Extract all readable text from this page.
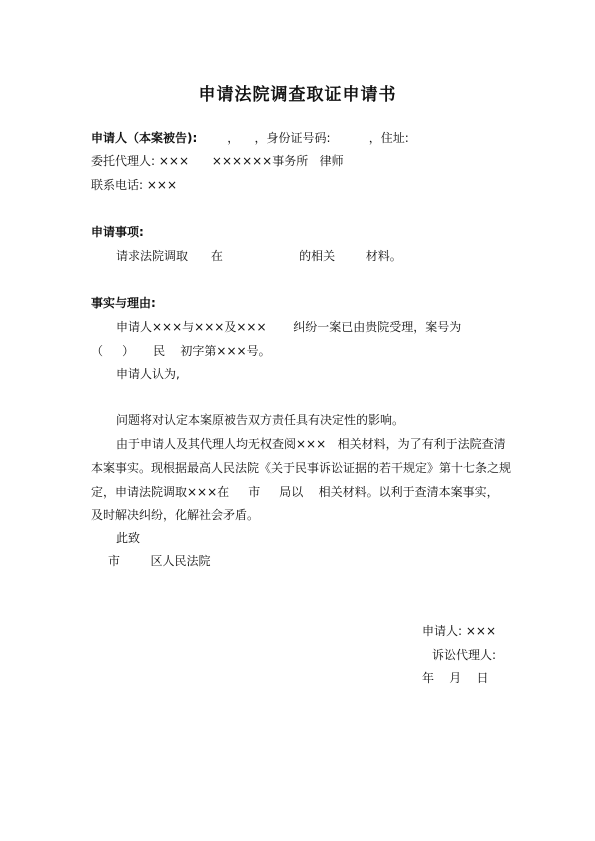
申请法院调查取证申请书
申请人（本案被告):	，    ，身份证号码:          ，住址:
委托代理人: ×××      ××××××事务所   律师
联系电话: ×××
申请事项:
请求法院调取      在                    的相关        材料。
事实与理由:
申请人×××与×××及×××       纠纷一案已由贵院受理，案号为
（     ）     民    初字第×××号。
申请人认为,
问题将对认定本案原被告双方责任具有决定性的影响。
由于申请人及其代理人均无权查阅×××   相关材料，为了有利于法院查清
本案事实。现根据最高人民法院《关于民事诉讼证据的若干规定》第十七条之规
定，申请法院调取×××在     市     局以    相关材料。以利于查清本案事实，
及时解决纠纷，化解社会矛盾。
此致
市        区人民法院
申请人: ×××
诉讼代理人:
年    月    日
